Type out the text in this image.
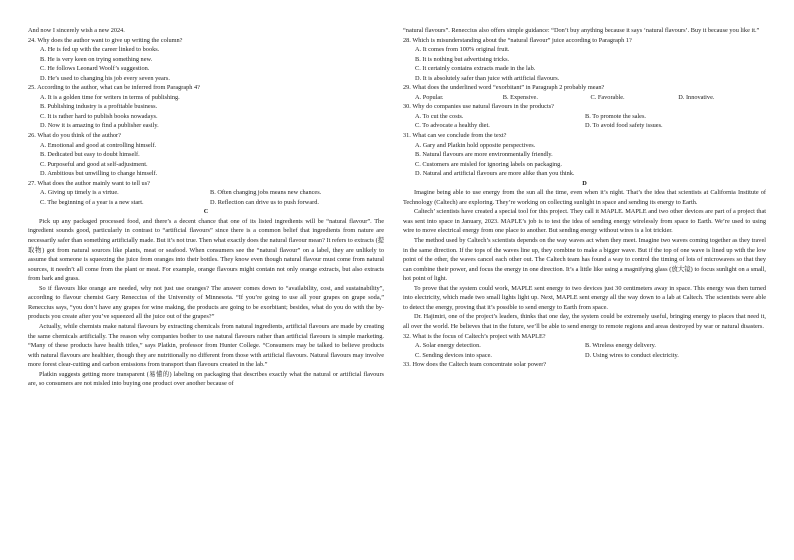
And now I sincerely wish a new 2024.

24. Why does the author want to give up writing the column?

A. He is fed up with the career linked to books.

B. He is very keen on trying something new.

C. He follows Leonard Woolf’s suggestion.

D. He’s used to changing his job every seven years.

25. According to the author, what can be inferred from Paragraph 4?

A. It is a golden time for writers in terms of publishing.

B. Publishing industry is a profitable business.

C. It is rather hard to publish books nowadays.

D. Now it is amazing to find a publisher easily.

26. What do you think of the author?

A. Emotional and good at controlling himself.

B. Dedicated but easy to doubt himself.

C. Purposeful and good at self-adjustment.

D. Ambitious but unwilling to change himself.

27. What does the author mainly want to tell us?

A. Giving up timely is a virtue.	B. Often changing jobs means new chances.
C. The beginning of a year is a new start.	D. Reflection can drive us to push forward.

C

Pick up any packaged processed food, and there’s a decent chance that one of its listed ingredients will be “natural flavour”. The ingredient sounds good, particularly in contrast to “artificial flavours” since there is a common belief that ingredients from nature are necessarily safer than something artificially made. But it’s not true. Then what exactly does the natural flavour mean? It refers to extracts (提取物) got from natural sources like plants, meat or seafood. When consumers see the “natural flavour” on a label, they are unlikely to assume that someone is squeezing the juice from oranges into their bottles. They know even though natural flavour must come from natural sources, it needn’t all come from the plant or meat. For example, orange flavours might contain not only orange extracts, but also extracts from bark and grass.

So if flavours like orange are needed, why not just use oranges? The answer comes down to “availability, cost, and sustainability”, according to flavour chemist Gary Reneccius of the University of Minnesota. “If you’re going to use all your grapes on grape soda,” Reneccius says, “you don’t have any grapes for wine making, the products are going to be exorbitant; besides, what do you do with the by-products you create after you’ve squeezed all the juice out of the grapes?”

Actually, while chemists make natural flavours by extracting chemicals from natural ingredients, artificial flavours are made by creating the same chemicals artificially. The reason why companies bother to use natural flavours rather than artificial flavours is simple marketing. “Many of these products have health titles,” says Platkin, professor from Hunter College. “Consumers may be talked to believe products with natural flavours are healthier, though they are nutritionally no different from those with artificial flavours. Natural flavours may involve more forest clear-cutting and carbon emissions from transport than flavours created in the lab.”

Platkin suggests getting more transparent (易懂的) labeling on packaging that describes exactly what the natural or artificial flavours are, so consumers are not misled into buying one product over another because of

“natural flavours”. Reneccius also offers simple guidance: “Don’t buy anything because it says ‘natural flavours’. Buy it because you like it.”

28. Which is misunderstanding about the “natural flavour” juice according to Paragraph 1?

A. It comes from 100% original fruit.

B. It is nothing but advertising tricks.

C. It certainly contains extracts made in the lab.

D. It is absolutely safer than juice with artificial flavours.

29. What does the underlined word “exorbitant” in Paragraph 2 probably mean?

A. Popular.	B. Expensive.	C. Favorable.	D. Innovative.

30. Why do companies use natural flavours in the products?

A. To cut the costs.	B. To promote the sales.
C. To advocate a healthy diet.	D. To avoid food safety issues.

31. What can we conclude from the text?

A. Gary and Platkin hold opposite perspectives.

B. Natural flavours are more environmentally friendly.

C. Customers are misled for ignoring labels on packaging.

D. Natural and artificial flavours are more alike than you think.

D

Imagine being able to use energy from the sun all the time, even when it’s night. That’s the idea that scientists at California Institute of Technology (Caltech) are exploring. They’re working on collecting sunlight in space and sending its energy to Earth.

Caltech’ scientists have created a special tool for this project. They call it MAPLE. MAPLE and two other devices are part of a project that was sent into space in January, 2023. MAPLE’s job is to test the idea of sending energy wirelessly from space to Earth. We’re used to using wire to move electrical energy from one place to another. But sending energy without wires is a lot trickier.

The method used by Caltech’s scientists depends on the way waves act when they meet. Imagine two waves coming together as they travel in the same direction. If the tops of the waves line up, they combine to make a bigger wave. But if the top of one wave is lined up with the low point of the other, the waves cancel each other out. The Caltech team has found a way to control the timing of lots of microwaves so that they can combine their power, and focus the energy in one direction. It’s a little like using a magnifying glass (放大镜) to focus sunlight on a small, hot point of light.

To prove that the system could work, MAPLE sent energy to two devices just 30 centimeters away in space. This energy was then turned into electricity, which made two small lights light up. Next, MAPLE sent energy all the way down to a lab at Caltech. The scientists were able to detect the energy, proving that it’s possible to send energy to Earth from space.

Dr. Hajimiri, one of the project’s leaders, thinks that one day, the system could be extremely useful, bringing energy to places that need it, all over the world. He believes that in the future, we’ll be able to send energy to remote regions and areas destroyed by war or natural disasters.

32. What is the focus of Caltech’s project with MAPLE?

A. Solar energy detection.	B. Wireless energy delivery.
C. Sending devices into space.	D. Using wires to conduct electricity.

33. How does the Caltech team concentrate solar power?
